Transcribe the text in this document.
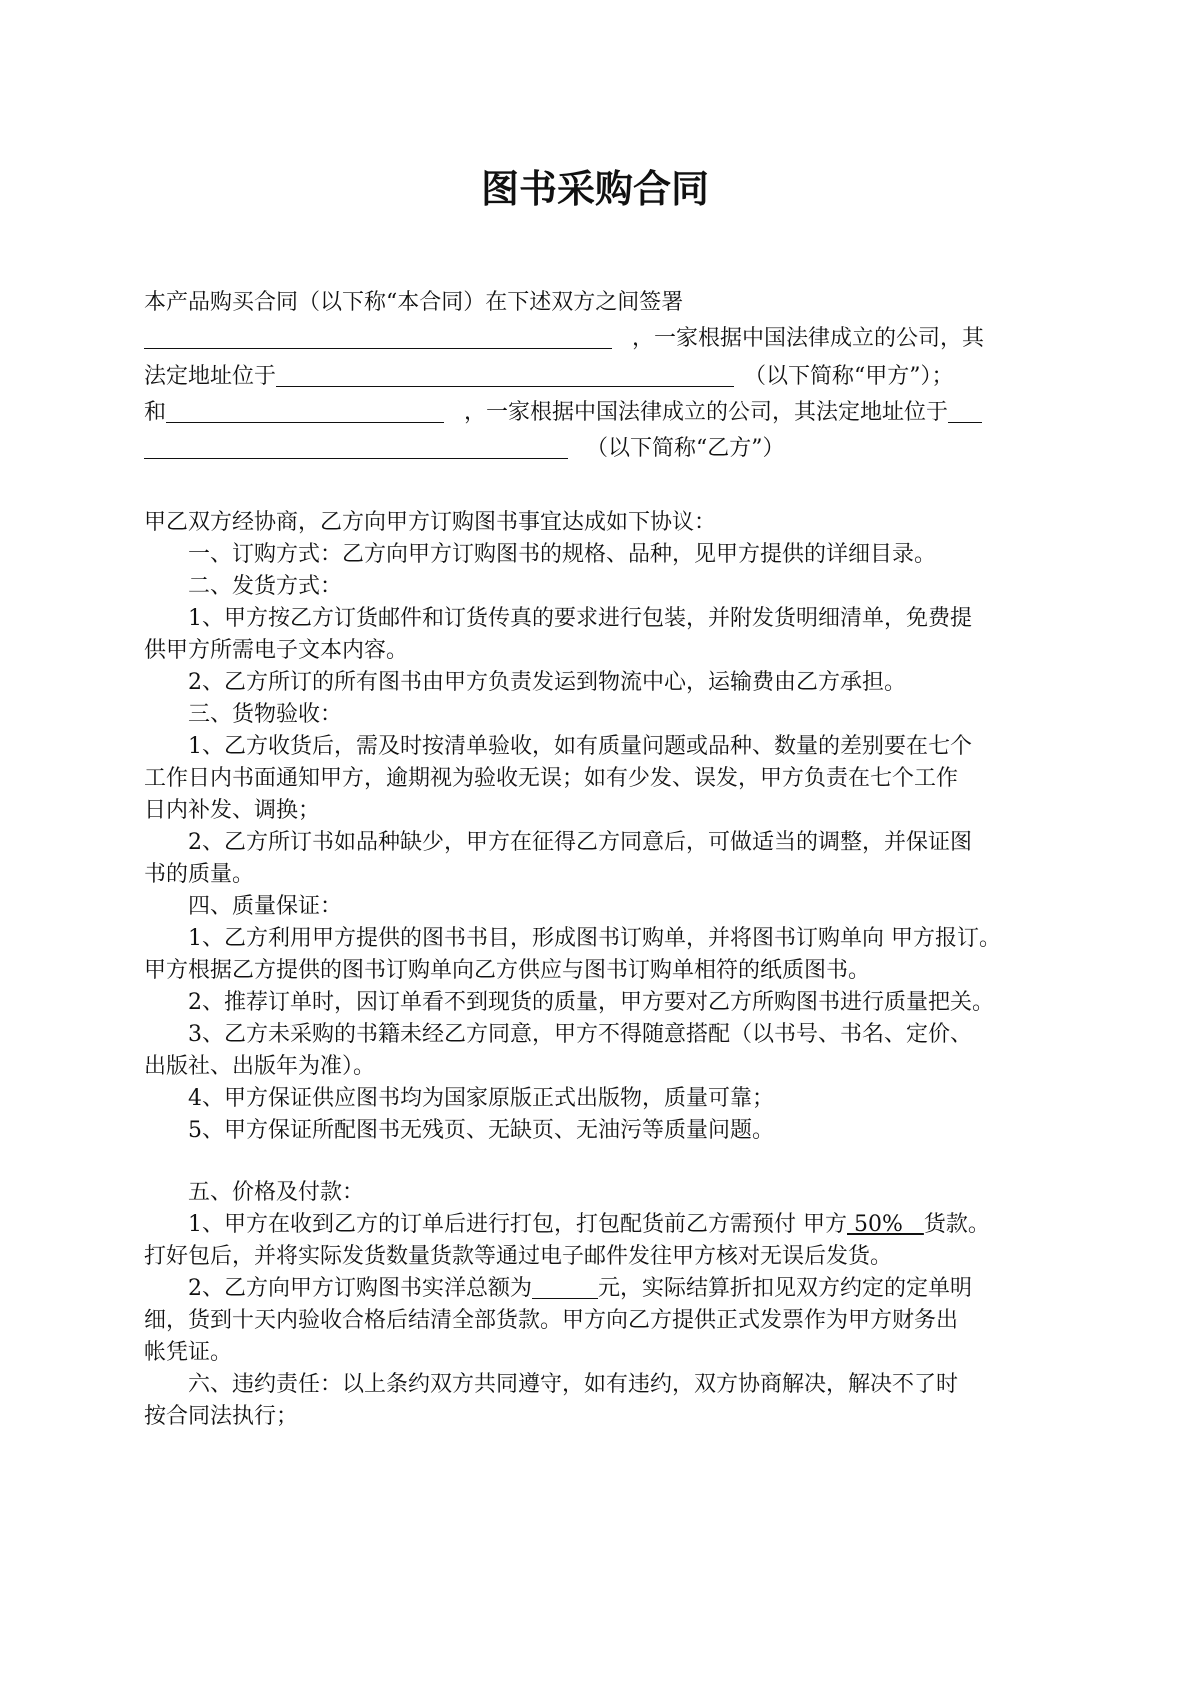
图书采购合同
本产品购买合同（以下称“本合同）在下述双方之间签署
，一家根据中国法律成立的公司，其
法定地址位于	（以下简称“甲方”）；
和	，一家根据中国法律成立的公司，其法定地址位于
（以下简称“乙方”）
甲乙双方经协商，乙方向甲方订购图书事宜达成如下协议：
一、订购方式：乙方向甲方订购图书的规格、品种，见甲方提供的详细目录。
二、发货方式：
1、甲方按乙方订货邮件和订货传真的要求进行包装，并附发货明细清单，免费提
供甲方所需电子文本内容。
2、乙方所订的所有图书由甲方负责发运到物流中心，运输费由乙方承担。
三、货物验收：
1、乙方收货后，需及时按清单验收，如有质量问题或品种、数量的差别要在七个
工作日内书面通知甲方，逾期视为验收无误；如有少发、误发，甲方负责在七个工作
日内补发、调换；
2、乙方所订书如品种缺少，甲方在征得乙方同意后，可做适当的调整，并保证图
书的质量。
四、质量保证：
1、乙方利用甲方提供的图书书目，形成图书订购单，并将图书订购单向 甲方报订。
甲方根据乙方提供的图书订购单向乙方供应与图书订购单相符的纸质图书。
2、推荐订单时，因订单看不到现货的质量，甲方要对乙方所购图书进行质量把关。
3、乙方未采购的书籍未经乙方同意，甲方不得随意搭配（以书号、书名、定价、
出版社、出版年为准）。
4、甲方保证供应图书均为国家原版正式出版物，质量可靠；
5、甲方保证所配图书无残页、无缺页、无油污等质量问题。
五、价格及付款：
1、甲方在收到乙方的订单后进行打包，打包配货前乙方需预付 甲方 50%   货款。
打好包后，并将实际发货数量货款等通过电子邮件发往甲方核对无误后发货。
2、乙方向甲方订购图书实洋总额为	元，实际结算折扣见双方约定的定单明
细，货到十天内验收合格后结清全部货款。甲方向乙方提供正式发票作为甲方财务出
帐凭证。
六、违约责任：以上条约双方共同遵守，如有违约，双方协商解决，解决不了时
按合同法执行；
